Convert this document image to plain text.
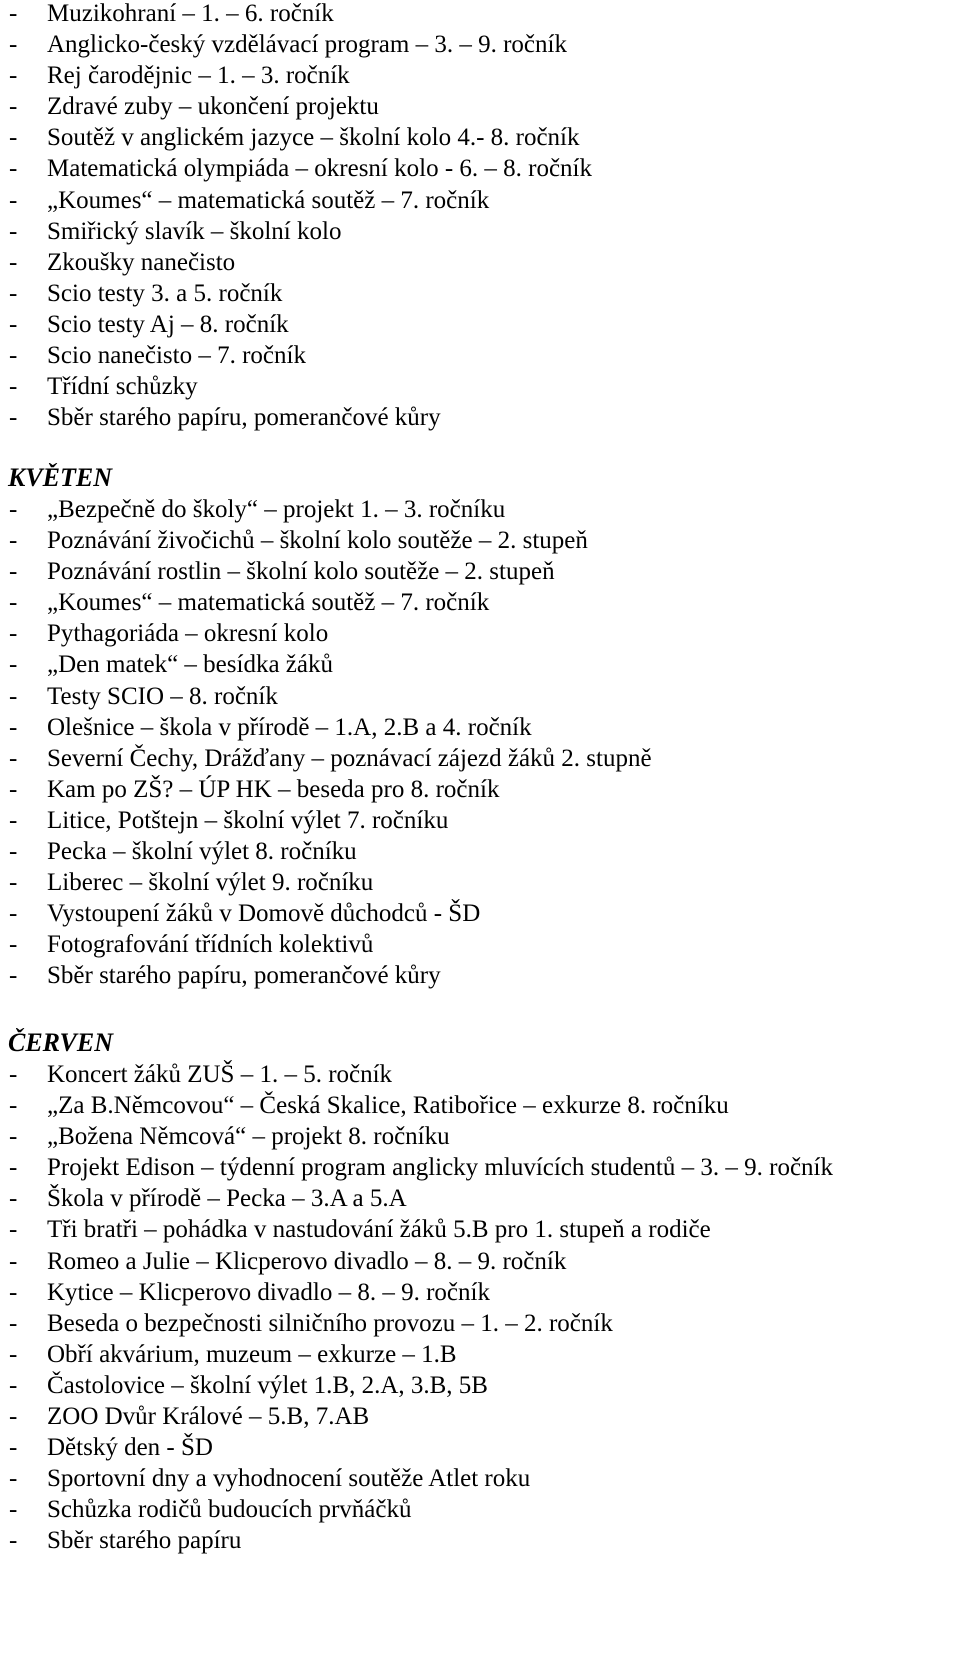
- Muzikohraní – 1. – 6. ročník
- Anglicko-český vzdělávací program – 3. – 9. ročník
- Rej čarodějnic – 1. – 3. ročník
- Zdravé zuby – ukončení projektu
- Soutěž v anglickém jazyce – školní kolo 4.- 8. ročník
- Matematická olympiáda – okresní kolo - 6. – 8. ročník
- „Koumes“ – matematická soutěž – 7. ročník
- Smiřický slavík – školní kolo
- Zkoušky nanečisto
- Scio testy 3. a 5. ročník
- Scio testy Aj – 8. ročník
- Scio nanečisto – 7. ročník
- Třídní schůzky
- Sběr starého papíru, pomerančové kůry
KVĚTEN
- „Bezpečně do školy“ – projekt 1. – 3. ročníku
- Poznávání živočichů – školní kolo soutěže – 2. stupeň
- Poznávání rostlin – školní kolo soutěže – 2. stupeň
- „Koumes“ – matematická soutěž – 7. ročník
- Pythagoriáda – okresní kolo
- „Den matek“ – besídka žáků
- Testy SCIO – 8. ročník
- Olešnice – škola v přírodě – 1.A, 2.B a 4. ročník
- Severní Čechy, Drážďany – poznávací zájezd žáků 2. stupně
- Kam po ZŠ? – ÚP HK – beseda pro 8. ročník
- Litice, Potštejn – školní výlet 7. ročníku
- Pecka – školní výlet 8. ročníku
- Liberec – školní výlet 9. ročníku
- Vystoupení žáků v Domově důchodců - ŠD
- Fotografování třídních kolektivů
- Sběr starého papíru, pomerančové kůry
ČERVEN
- Koncert žáků ZUŠ – 1. – 5. ročník
- „Za B.Němcovou“ – Česká Skalice, Ratibořice – exkurze 8. ročníku
- „Božena Němcová“ – projekt 8. ročníku
- Projekt Edison – týdenní program anglicky mluvících studentů – 3. – 9. ročník
- Škola v přírodě – Pecka – 3.A a 5.A
- Tři bratři – pohádka v nastudování žáků 5.B pro 1. stupeň a rodiče
- Romeo a Julie – Klicperovo divadlo – 8. – 9. ročník
- Kytice – Klicperovo divadlo – 8. – 9. ročník
- Beseda o bezpečnosti silničního provozu – 1. – 2. ročník
- Obří akvárium, muzeum – exkurze – 1.B
- Častolovice – školní výlet 1.B, 2.A, 3.B, 5B
- ZOO Dvůr Králové – 5.B, 7.AB
- Dětský den - ŠD
- Sportovní dny a vyhodnocení soutěže Atlet roku
- Schůzka rodičů budoucích prvňáčků
- Sběr starého papíru
